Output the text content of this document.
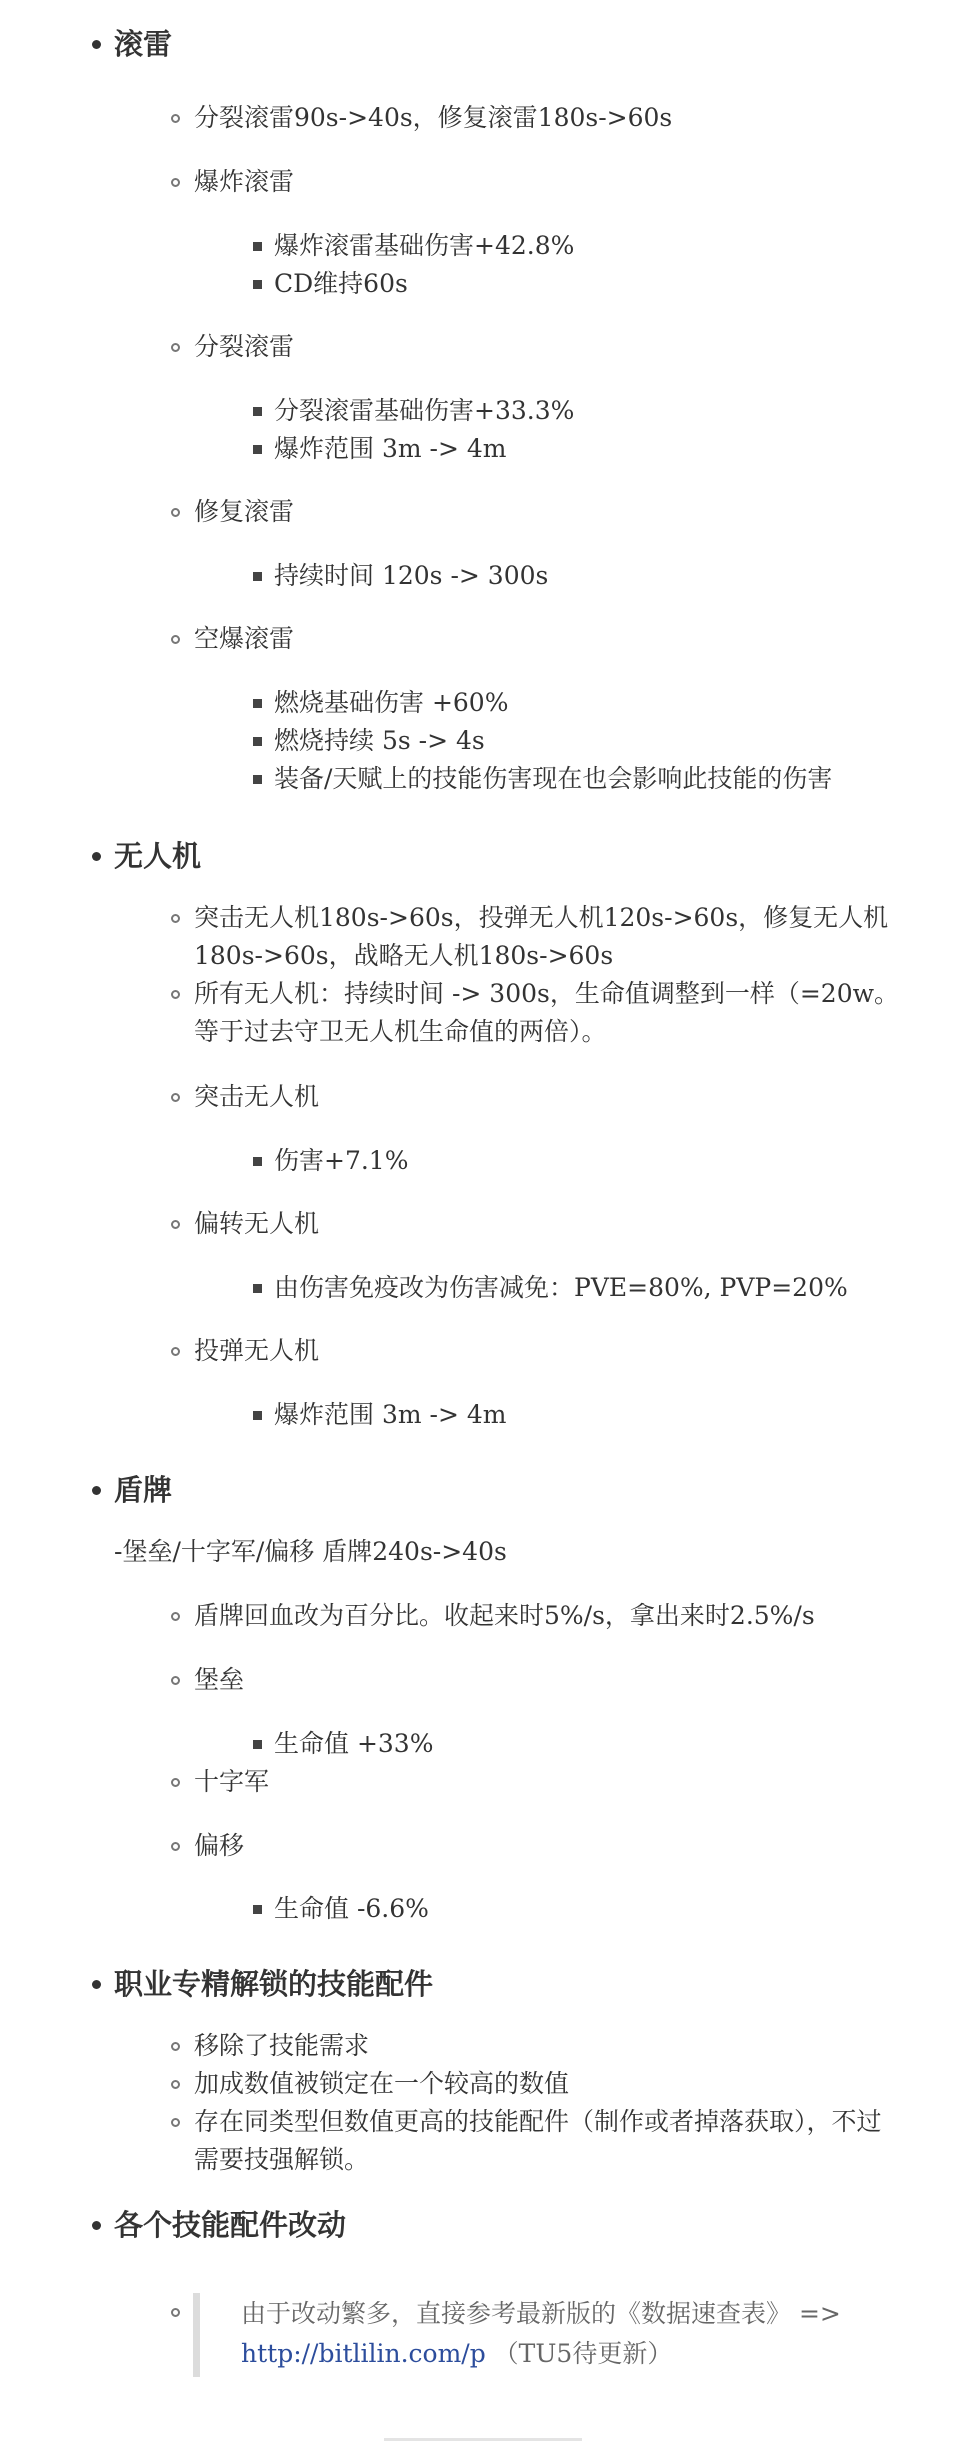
滚雷
分裂滚雷90s->40s，修复滚雷180s->60s
爆炸滚雷
爆炸滚雷基础伤害+42.8%
CD维持60s
分裂滚雷
分裂滚雷基础伤害+33.3%
爆炸范围 3m -> 4m
修复滚雷
持续时间 120s -> 300s
空爆滚雷
燃烧基础伤害 +60%
燃烧持续 5s -> 4s
装备/天赋上的技能伤害现在也会影响此技能的伤害
无人机
突击无人机180s->60s，投弹无人机120s->60s，修复无人机
180s->60s，战略无人机180s->60s
所有无人机：持续时间 -> 300s，生命值调整到一样（=20w。
等于过去守卫无人机生命值的两倍）。
突击无人机
伤害+7.1%
偏转无人机
由伤害免疫改为伤害减免：PVE=80%, PVP=20%
投弹无人机
爆炸范围 3m -> 4m
盾牌
-堡垒/十字军/偏移 盾牌240s->40s
盾牌回血改为百分比。收起来时5%/s，拿出来时2.5%/s
堡垒
生命值 +33%
十字军
偏移
生命值 -6.6%
职业专精解锁的技能配件
移除了技能需求
加成数值被锁定在一个较高的数值
存在同类型但数值更高的技能配件（制作或者掉落获取），不过
需要技强解锁。
各个技能配件改动
由于改动繁多，直接参考最新版的《数据速查表》 =>
http://bitlilin.com/p （TU5待更新）
